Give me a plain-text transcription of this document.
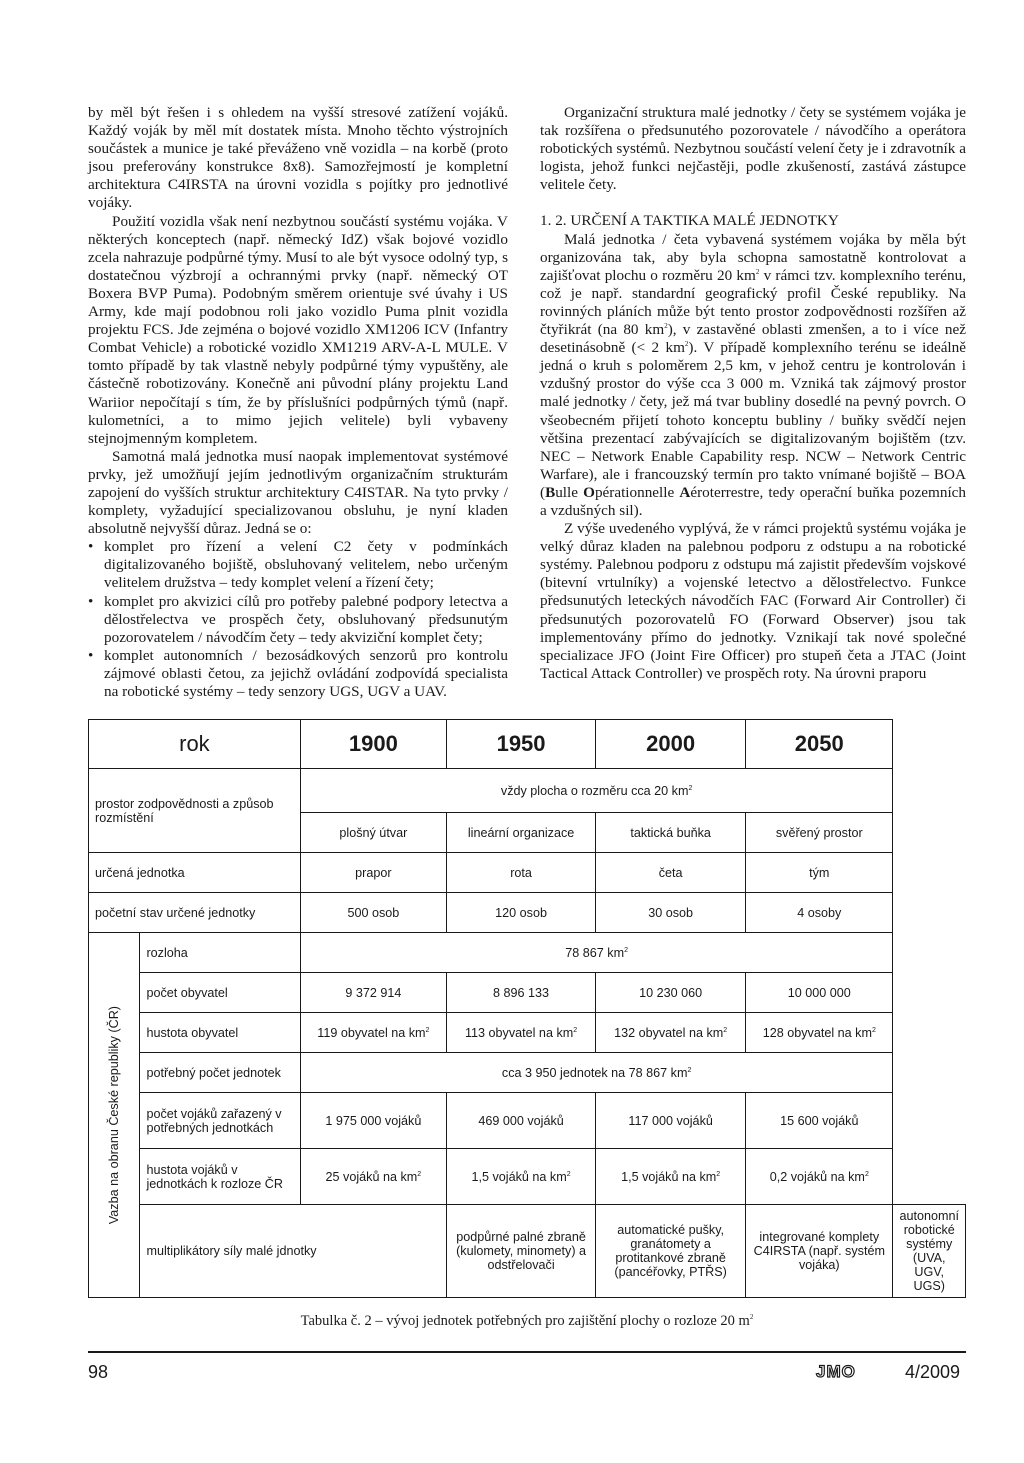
by měl být řešen i s ohledem na vyšší stresové zatížení vojáků. Každý voják by měl mít dostatek místa. Mnoho těchto výstrojních součástek a munice je také převáženo vně vozidla – na korbě (proto jsou preferovány konstrukce 8x8). Samozřejmostí je kompletní architektura C4IRSTA na úrovni vozidla s pojítky pro jednotlivé vojáky.

Použití vozidla však není nezbytnou součástí systému vojáka. V některých konceptech (např. německý IdZ) však bojové vozidlo zcela nahrazuje podpůrné týmy. Musí to ale být vysoce odolný typ, s dostatečnou výzbrojí a ochrannými prvky (např. německý OT Boxera BVP Puma). Podobným směrem orientuje své úvahy i US Army, kde mají podobnou roli jako vozidlo Puma plnit vozidla projektu FCS. Jde zejména o bojové vozidlo XM1206 ICV (Infantry Combat Vehicle) a robotické vozidlo XM1219 ARV-A-L MULE. V tomto případě by tak vlastně nebyly podpůrné týmy vypuštěny, ale částečně robotizovány. Konečně ani původní plány projektu Land Wariior nepočítají s tím, že by příslušníci podpůrných týmů (např. kulometníci, a to mimo jejich velitele) byli vybaveny stejnojmenným kompletem.

Samotná malá jednotka musí naopak implementovat systémové prvky, jež umožňují jejím jednotlivým organizačním strukturám zapojení do vyšších struktur architektury C4ISTAR. Na tyto prvky / komplety, vyžadující specializovanou obsluhu, je nyní kladen absolutně nejvyšší důraz. Jedná se o:

• komplet pro řízení a velení C2 čety v podmínkách digitalizovaného bojiště, obsluhovaný velitelem, nebo určeným velitelem družstva – tedy komplet velení a řízení čety;
• komplet pro akvizici cílů pro potřeby palebné podpory letectva a dělostřelectva ve prospěch čety, obsluhovaný předsunutým pozorovatelem / návodčím čety – tedy akviziční komplet čety;
• komplet autonomních / bezosádkových senzorů pro kontrolu zájmové oblasti četou, za jejichž ovládání zodpovídá specialista na robotické systémy – tedy senzory UGS, UGV a UAV.

Organizační struktura malé jednotky / čety se systémem vojáka je tak rozšířena o předsunutého pozorovatele / návodčího a operátora robotických systémů. Nezbytnou součástí velení čety je i zdravotník a logista, jehož funkci nejčastěji, podle zkušeností, zastává zástupce velitele čety.

1. 2. URČENÍ A TAKTIKA MALÉ JEDNOTKY

Malá jednotka / četa vybavená systémem vojáka by měla být organizována tak, aby byla schopna samostatně kontrolovat a zajišťovat plochu o rozměru 20 $km^2$ v rámci tzv. komplexního terénu, což je např. standardní geografický profil České republiky. Na rovinných pláních může být tento prostor zodpovědnosti rozšířen až čtyřikrát (na 80 $km^2$), v zastavěné oblasti zmenšen, a to i více než desetinásobně (< 2 $km^2$). V případě komplexního terénu se ideálně jedná o kruh s poloměrem 2,5 km, v jehož centru je kontrolován i vzdušný prostor do výše cca 3 000 m. Vzniká tak zájmový prostor malé jednotky / čety, jež má tvar bubliny dosedlé na pevný povrch. O všeobecném přijetí tohoto konceptu bubliny / buňky svědčí nejen většina prezentací zabývajících se digitalizovaným bojištěm (tzv. NEC – Network Enable Capability resp. NCW – Network Centric Warfare), ale i francouzský termín pro takto vnímané bojiště – BOA (Bulle Opérationnelle Aéroterrestre, tedy operační buňka pozemních a vzdušných sil).

Z výše uvedeného vyplývá, že v rámci projektů systému vojáka je velký důraz kladen na palebnou podporu z odstupu a na robotické systémy. Palebnou podporu z odstupu má zajistit především vojskové (bitevní vrtulníky) a vojenské letectvo a dělostřelectvo. Funkce předsunutých leteckých návodčích FAC (Forward Air Controller) či předsunutých pozorovatelů FO (Forward Observer) jsou tak implementovány přímo do jednotky. Vznikají tak nové společné specializace JFO (Joint Fire Officer) pro stupeň četa a JTAC (Joint Tactical Attack Controller) ve prospěch roty. Na úrovni praporu

rok		1900	1950	2000	2050	
prostor zodpovědnosti a způsob rozmístění		vždy plocha o rozměru cca 20 $km^2$
		plošný útvar	lineární organizace	taktická buňka	svěřený prostor	
určená jednotka		prapor	rota	četa	tým	
početní stav určené jednotky		500 osob	120 osob	30 osob	4 osoby	

Vazba na obranu České republiky (ČR)	rozloha	78 867 $km^2$
	počet obyvatel	9 372 914	8 896 133	10 230 060	10 000 000	
	hustota obyvatel	119 obyvatel na $km^2$	113 obyvatel na $km^2$	132 obyvatel na $km^2$	128 obyvatel na $km^2$
	potřebný počet jednotek	cca 3 950 jednotek na 78 867 $km^2$
	počet vojáků zařazený v potřebných jednotkách	1 975 000 vojáků	469 000 vojáků	117 000 vojáků	15 600 vojáků	
	hustota vojáků v jednotkách k rozloze ČR	25 vojáků na $km^2$	1,5 vojáků na $km^2$	1,5 vojáků na $km^2$	0,2 vojáků na $km^2$
	multiplikátory síly malé jdnotky		podpůrné palné zbraně (kulomety, minomety) a odstřelovači	automatické pušky, granátomety a protitankové zbraně (pancéřovky, PTŘS)	integrované komplety C4IRSTA (např. systém vojáka)	autonomní robotické systémy (UVA, UGV, UGS)
Tabulka č. 2 – vývoj jednotek potřebných pro zajištění plochy o rozloze 20 $m^2$
98	JMO	4/2009
